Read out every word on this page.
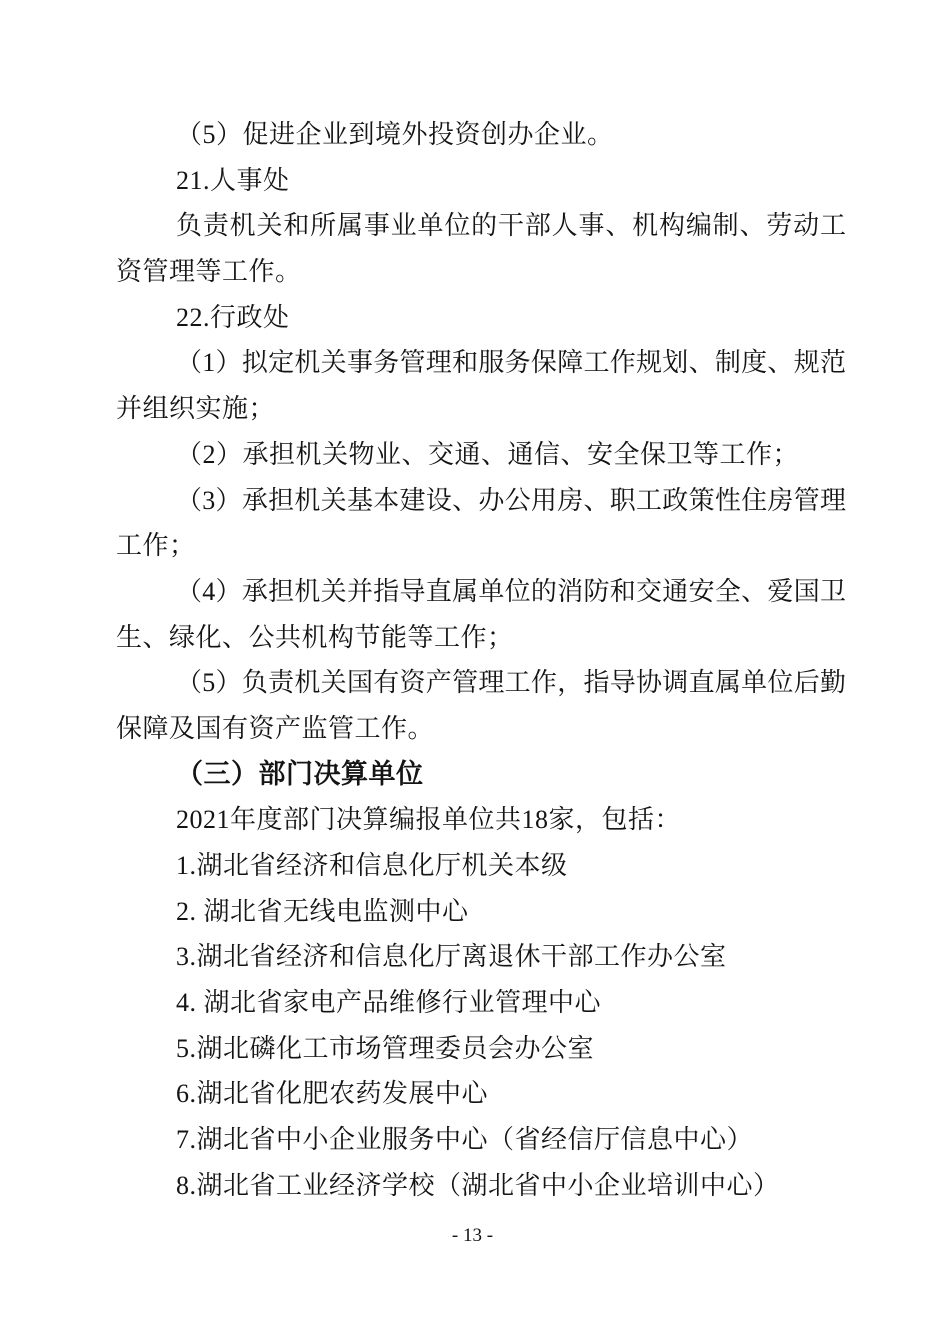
（5）促进企业到境外投资创办企业。
21.人事处
负责机关和所属事业单位的干部人事、机构编制、劳动工
资管理等工作。
22.行政处
（1）拟定机关事务管理和服务保障工作规划、制度、规范
并组织实施；
（2）承担机关物业、交通、通信、安全保卫等工作；
（3）承担机关基本建设、办公用房、职工政策性住房管理
工作；
（4）承担机关并指导直属单位的消防和交通安全、爱国卫
生、绿化、公共机构节能等工作；
（5）负责机关国有资产管理工作，指导协调直属单位后勤
保障及国有资产监管工作。
（三）部门决算单位
2021年度部门决算编报单位共18家，包括：
1.湖北省经济和信息化厅机关本级
2. 湖北省无线电监测中心
3.湖北省经济和信息化厅离退休干部工作办公室
4. 湖北省家电产品维修行业管理中心
5.湖北磷化工市场管理委员会办公室
6.湖北省化肥农药发展中心
7.湖北省中小企业服务中心（省经信厅信息中心）
8.湖北省工业经济学校（湖北省中小企业培训中心）
- 13 -
